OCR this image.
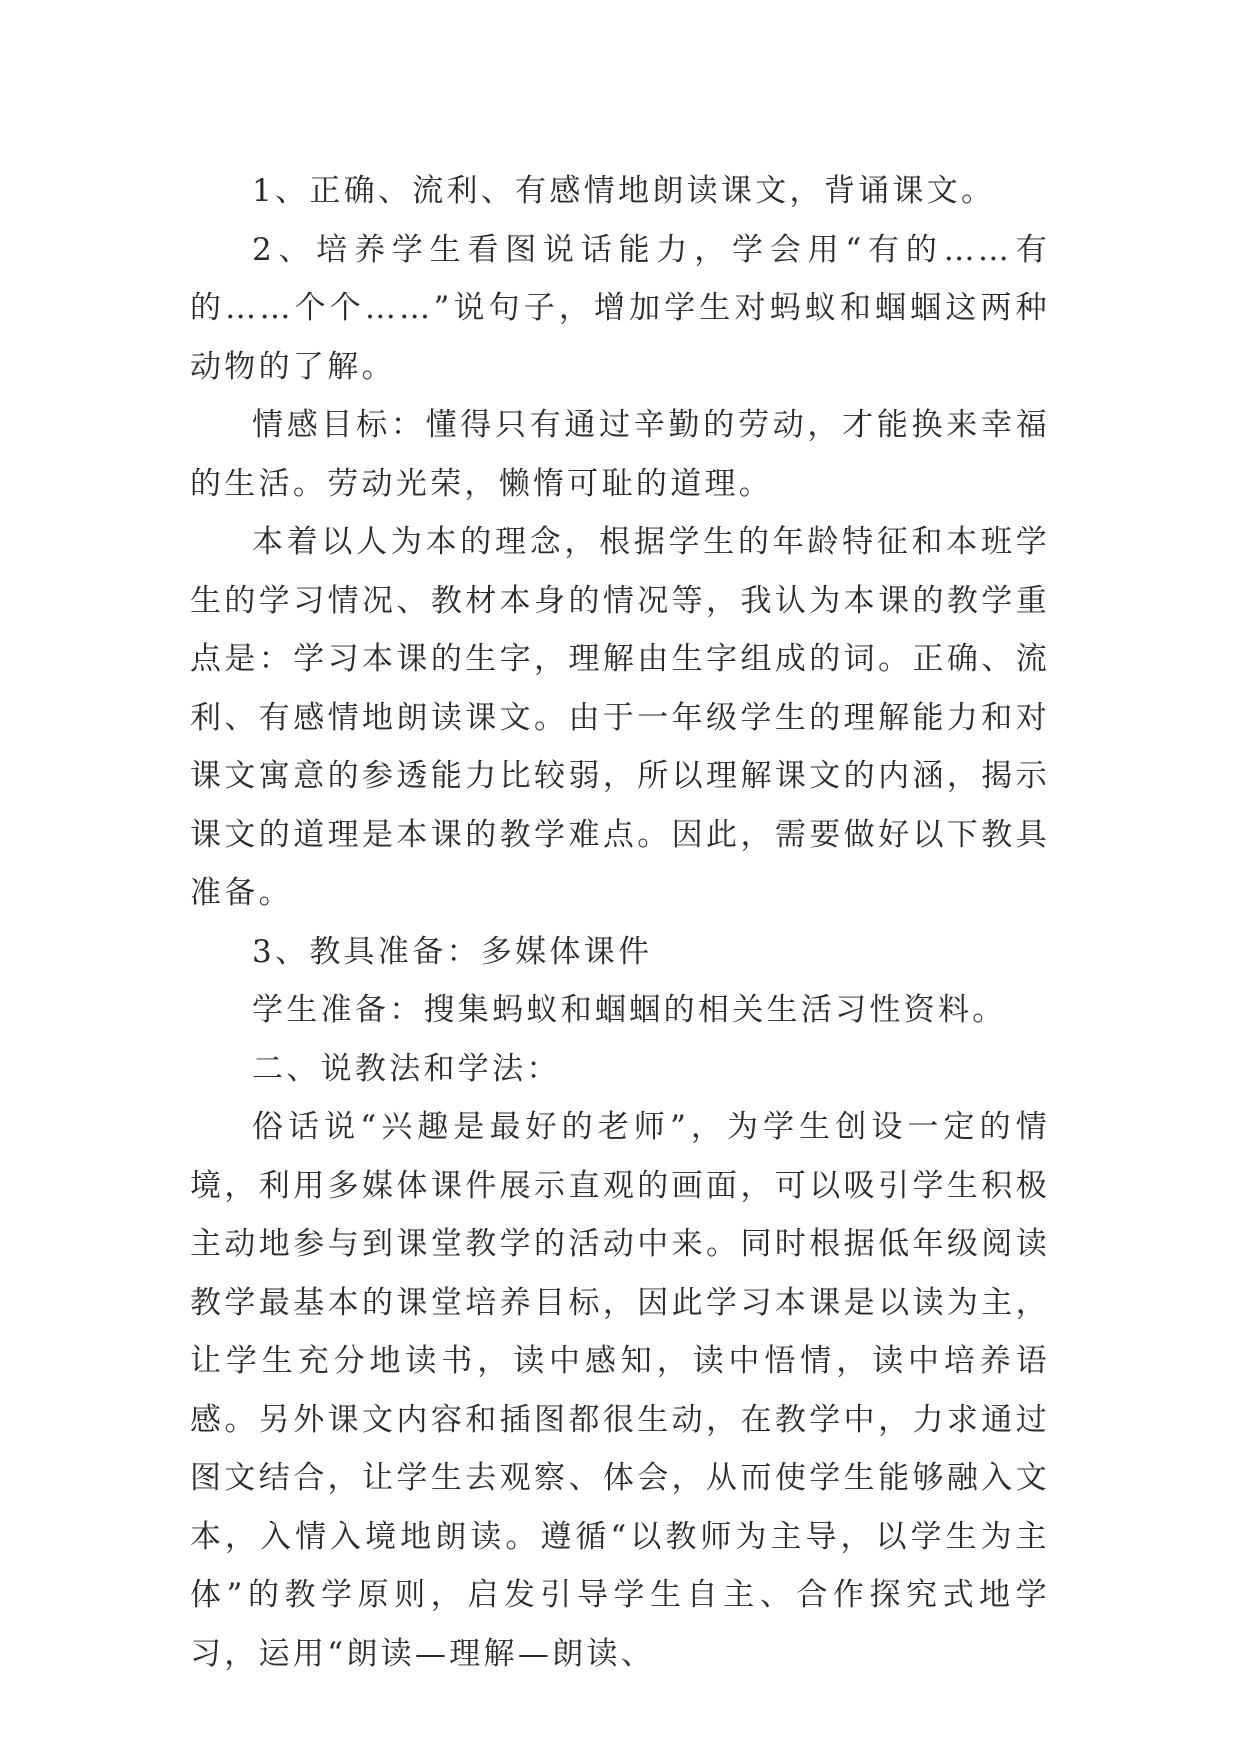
1、正确、流利、有感情地朗读课文，背诵课文。

2、培养学生看图说话能力，学会用“有的……有的……个个……”说句子，增加学生对蚂蚁和蝈蝈这两种动物的了解。

情感目标：懂得只有通过辛勤的劳动，才能换来幸福的生活。劳动光荣，懒惰可耻的道理。

本着以人为本的理念，根据学生的年龄特征和本班学生的学习情况、教材本身的情况等，我认为本课的教学重点是：学习本课的生字，理解由生字组成的词。正确、流利、有感情地朗读课文。由于一年级学生的理解能力和对课文寓意的参透能力比较弱，所以理解课文的内涵，揭示课文的道理是本课的教学难点。因此，需要做好以下教具准备。

3、教具准备：多媒体课件

学生准备：搜集蚂蚁和蝈蝈的相关生活习性资料。

二、说教法和学法：

俗话说“兴趣是最好的老师”，为学生创设一定的情境，利用多媒体课件展示直观的画面，可以吸引学生积极主动地参与到课堂教学的活动中来。同时根据低年级阅读教学最基本的课堂培养目标，因此学习本课是以读为主，让学生充分地读书，读中感知，读中悟情，读中培养语感。另外课文内容和插图都很生动，在教学中，力求通过图文结合，让学生去观察、体会，从而使学生能够融入文本，入情入境地朗读。遵循“以教师为主导，以学生为主体”的教学原则，启发引导学生自主、合作探究式地学习，运用“朗读—理解—朗读、
